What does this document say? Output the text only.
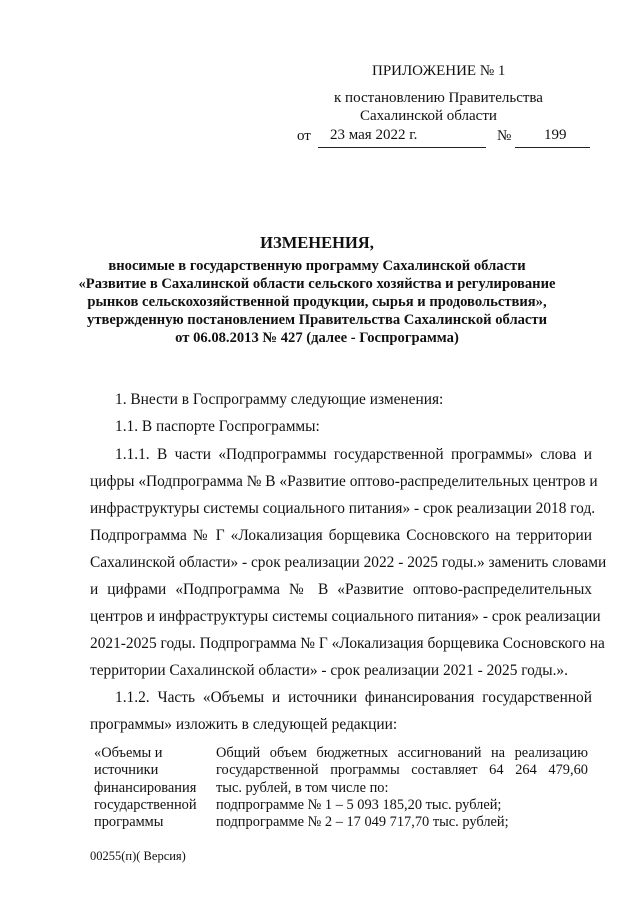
ПРИЛОЖЕНИЕ № 1
к постановлению Правительства
Сахалинской области
от 23 мая 2022 г.	№ 199
ИЗМЕНЕНИЯ,
вносимые в государственную программу Сахалинской области
«Развитие в Сахалинской области сельского хозяйства и регулирование
рынков сельскохозяйственной продукции, сырья и продовольствия»,
утвержденную постановлением Правительства Сахалинской области
от 06.08.2013 № 427 (далее - Госпрограмма)
1. Внести в Госпрограмму следующие изменения:
1.1. В паспорте Госпрограммы:
1.1.1. В части «Подпрограммы государственной программы» слова и
цифры «Подпрограмма № В «Развитие оптово-распределительных центров и
инфраструктуры системы социального питания» - срок реализации 2018 год.
Подпрограмма № Г «Локализация борщевика Сосновского на территории
Сахалинской области» - срок реализации 2022 - 2025 годы.» заменить словами
и цифрами «Подпрограмма № В «Развитие оптово-распределительных
центров и инфраструктуры системы социального питания» - срок реализации
2021-2025 годы. Подпрограмма № Г «Локализация борщевика Сосновского на
территории Сахалинской области» - срок реализации 2021 - 2025 годы.».
1.1.2. Часть «Объемы и источники финансирования государственной
программы» изложить в следующей редакции:
«Объемы и
источники
финансирования
государственной
программы
Общий объем бюджетных ассигнований на реализацию
государственной программы составляет 64 264 479,60
тыс. рублей, в том числе по:
подпрограмме № 1 – 5 093 185,20 тыс. рублей;
подпрограмме № 2 – 17 049 717,70 тыс. рублей;
00255(п)( Версия)
